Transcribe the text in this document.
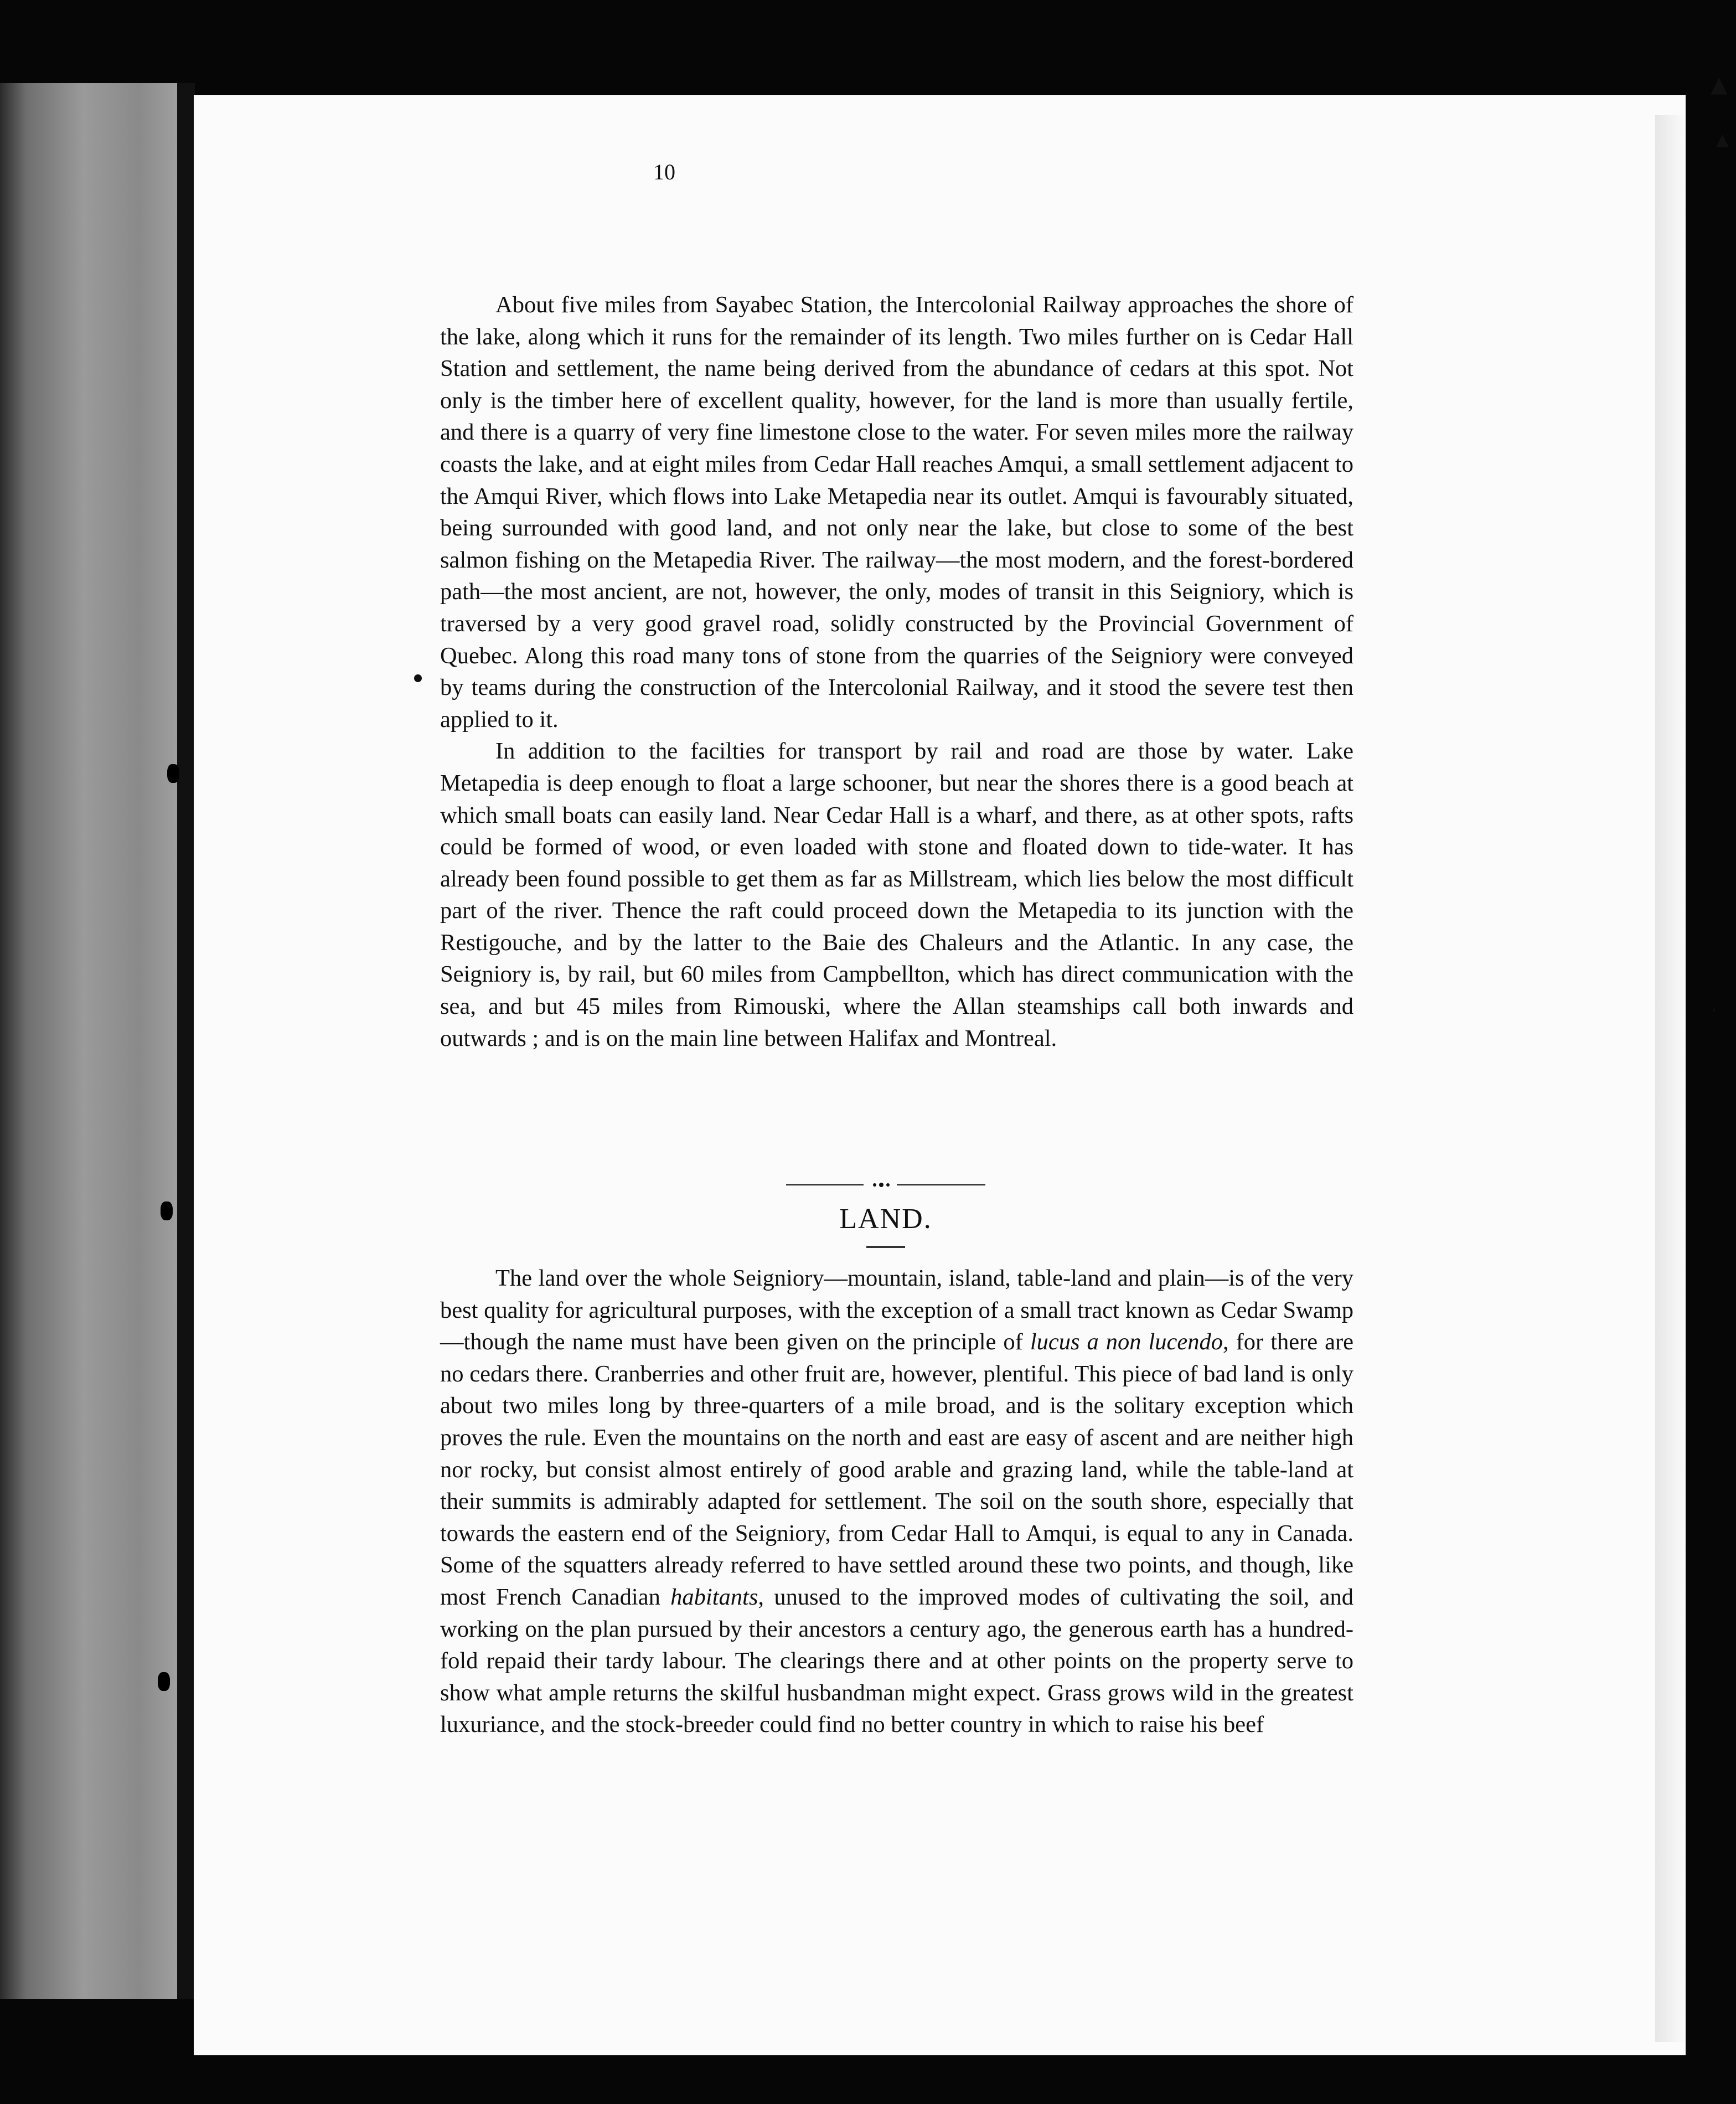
▲
▲
ʻ
10

About five miles from Sayabec Station, the Intercolonial Railway approaches the shore of the lake, along which it runs for the remainder of its length. Two miles further on is Cedar Hall Station and settlement, the name being derived from the abundance of cedars at this spot. Not only is the timber here of excellent quality, however, for the land is more than usually fertile, and there is a quarry of very fine limestone close to the water. For seven miles more the railway coasts the lake, and at eight miles from Cedar Hall reaches Amqui, a small settlement adjacent to the Amqui River, which flows into Lake Metapedia near its outlet. Amqui is favourably situated, being surrounded with good land, and not only near the lake, but close to some of the best salmon fishing on the Metapedia River. The railway—the most modern, and the forest-bordered path—the most ancient, are not, however, the only, modes of transit in this Seigniory, which is traversed by a very good gravel road, solidly constructed by the Provincial Government of Quebec. Along this road many tons of stone from the quarries of the Seigniory were conveyed by teams during the construction of the Intercolonial Railway, and it stood the severe test then applied to it.

In addition to the facilties for transport by rail and road are those by water. Lake Metapedia is deep enough to float a large schooner, but near the shores there is a good beach at which small boats can easily land. Near Cedar Hall is a wharf, and there, as at other spots, rafts could be formed of wood, or even loaded with stone and floated down to tide-water. It has already been found possible to get them as far as Millstream, which lies below the most difficult part of the river. Thence the raft could proceed down the Metapedia to its junction with the Restigouche, and by the latter to the Baie des Chaleurs and the Atlantic. In any case, the Seigniory is, by rail, but 60 miles from Campbellton, which has direct communication with the sea, and but 45 miles from Rimouski, where the Allan steamships call both inwards and outwards ; and is on the main line between Halifax and Montreal.

LAND.

The land over the whole Seigniory—mountain, island, table-land and plain—is of the very best quality for agricultural purposes, with the exception of a small tract known as Cedar Swamp—though the name must have been given on the principle of lucus a non lucendo, for there are no cedars there. Cranberries and other fruit are, however, plentiful. This piece of bad land is only about two miles long by three-quarters of a mile broad, and is the solitary exception which proves the rule. Even the mountains on the north and east are easy of ascent and are neither high nor rocky, but consist almost entirely of good arable and grazing land, while the table-land at their summits is admirably adapted for settlement. The soil on the south shore, especially that towards the eastern end of the Seigniory, from Cedar Hall to Amqui, is equal to any in Canada. Some of the squatters already referred to have settled around these two points, and though, like most French Canadian habitants, unused to the improved modes of cultivating the soil, and working on the plan pursued by their ancestors a century ago, the generous earth has a hundred-fold repaid their tardy labour. The clearings there and at other points on the property serve to show what ample returns the skilful husbandman might expect. Grass grows wild in the greatest luxuriance, and the stock-breeder could find no better country in which to raise his beef
